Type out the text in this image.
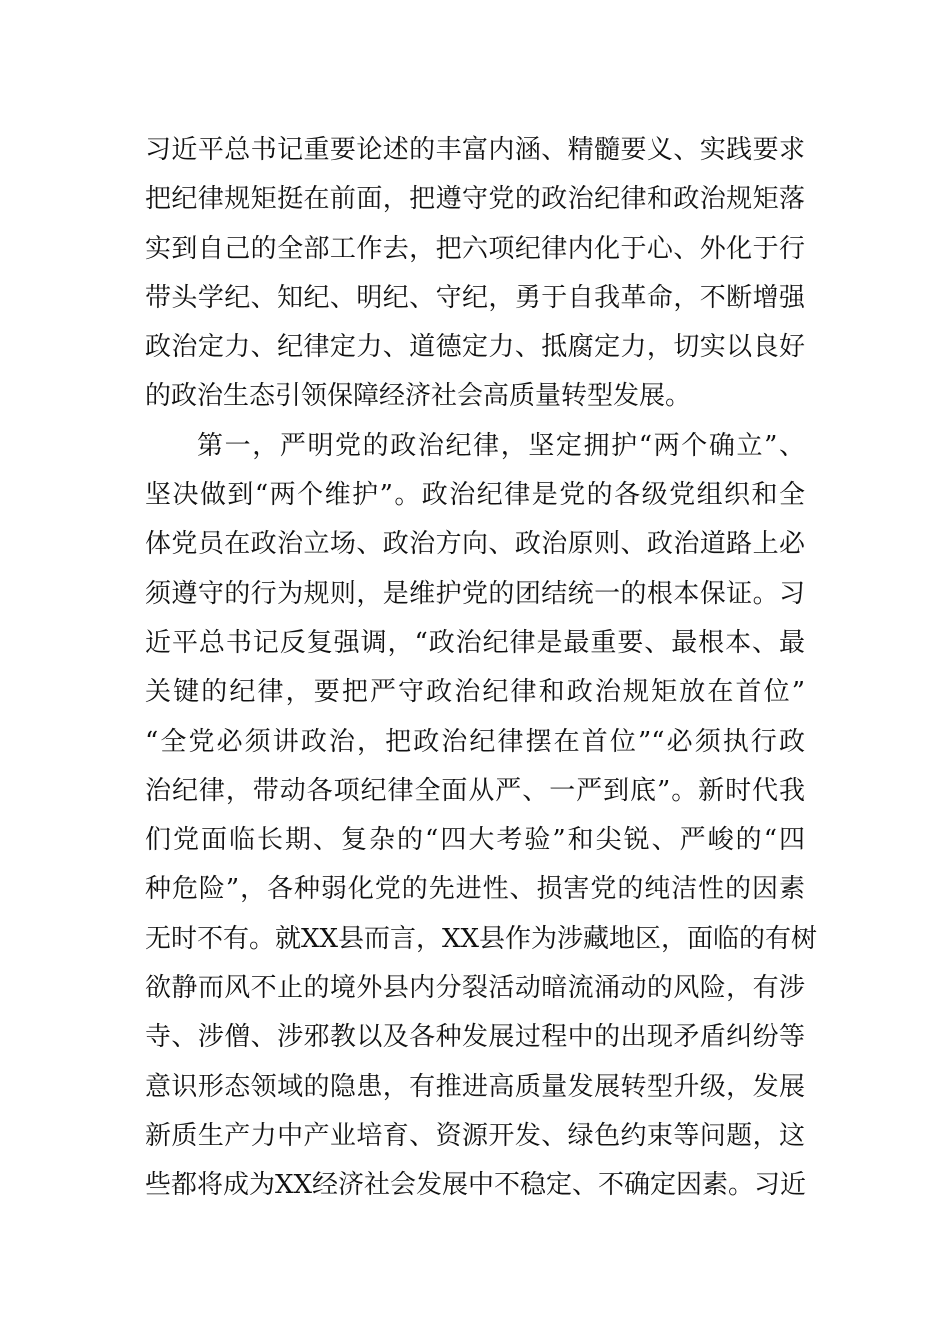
习近平总书记重要论述的丰富内涵、精髓要义、实践要求
把纪律规矩挺在前面，把遵守党的政治纪律和政治规矩落
实到自己的全部工作去，把六项纪律内化于心、外化于行
带头学纪、知纪、明纪、守纪，勇于自我革命，不断增强
政治定力、纪律定力、道德定力、抵腐定力，切实以良好
的政治生态引领保障经济社会高质量转型发展。
第一，严明党的政治纪律，坚定拥护“两个确立”、
坚决做到“两个维护”。政治纪律是党的各级党组织和全
体党员在政治立场、政治方向、政治原则、政治道路上必
须遵守的行为规则，是维护党的团结统一的根本保证。习
近平总书记反复强调，“政治纪律是最重要、最根本、最
关键的纪律，要把严守政治纪律和政治规矩放在首位”
“全党必须讲政治，把政治纪律摆在首位”“必须执行政
治纪律，带动各项纪律全面从严、一严到底”。新时代我
们党面临长期、复杂的“四大考验”和尖锐、严峻的“四
种危险”，各种弱化党的先进性、损害党的纯洁性的因素
无时不有。就XX县而言，XX县作为涉藏地区，面临的有树
欲静而风不止的境外县内分裂活动暗流涌动的风险，有涉
寺、涉僧、涉邪教以及各种发展过程中的出现矛盾纠纷等
意识形态领域的隐患，有推进高质量发展转型升级，发展
新质生产力中产业培育、资源开发、绿色约束等问题，这
些都将成为XX经济社会发展中不稳定、不确定因素。习近
